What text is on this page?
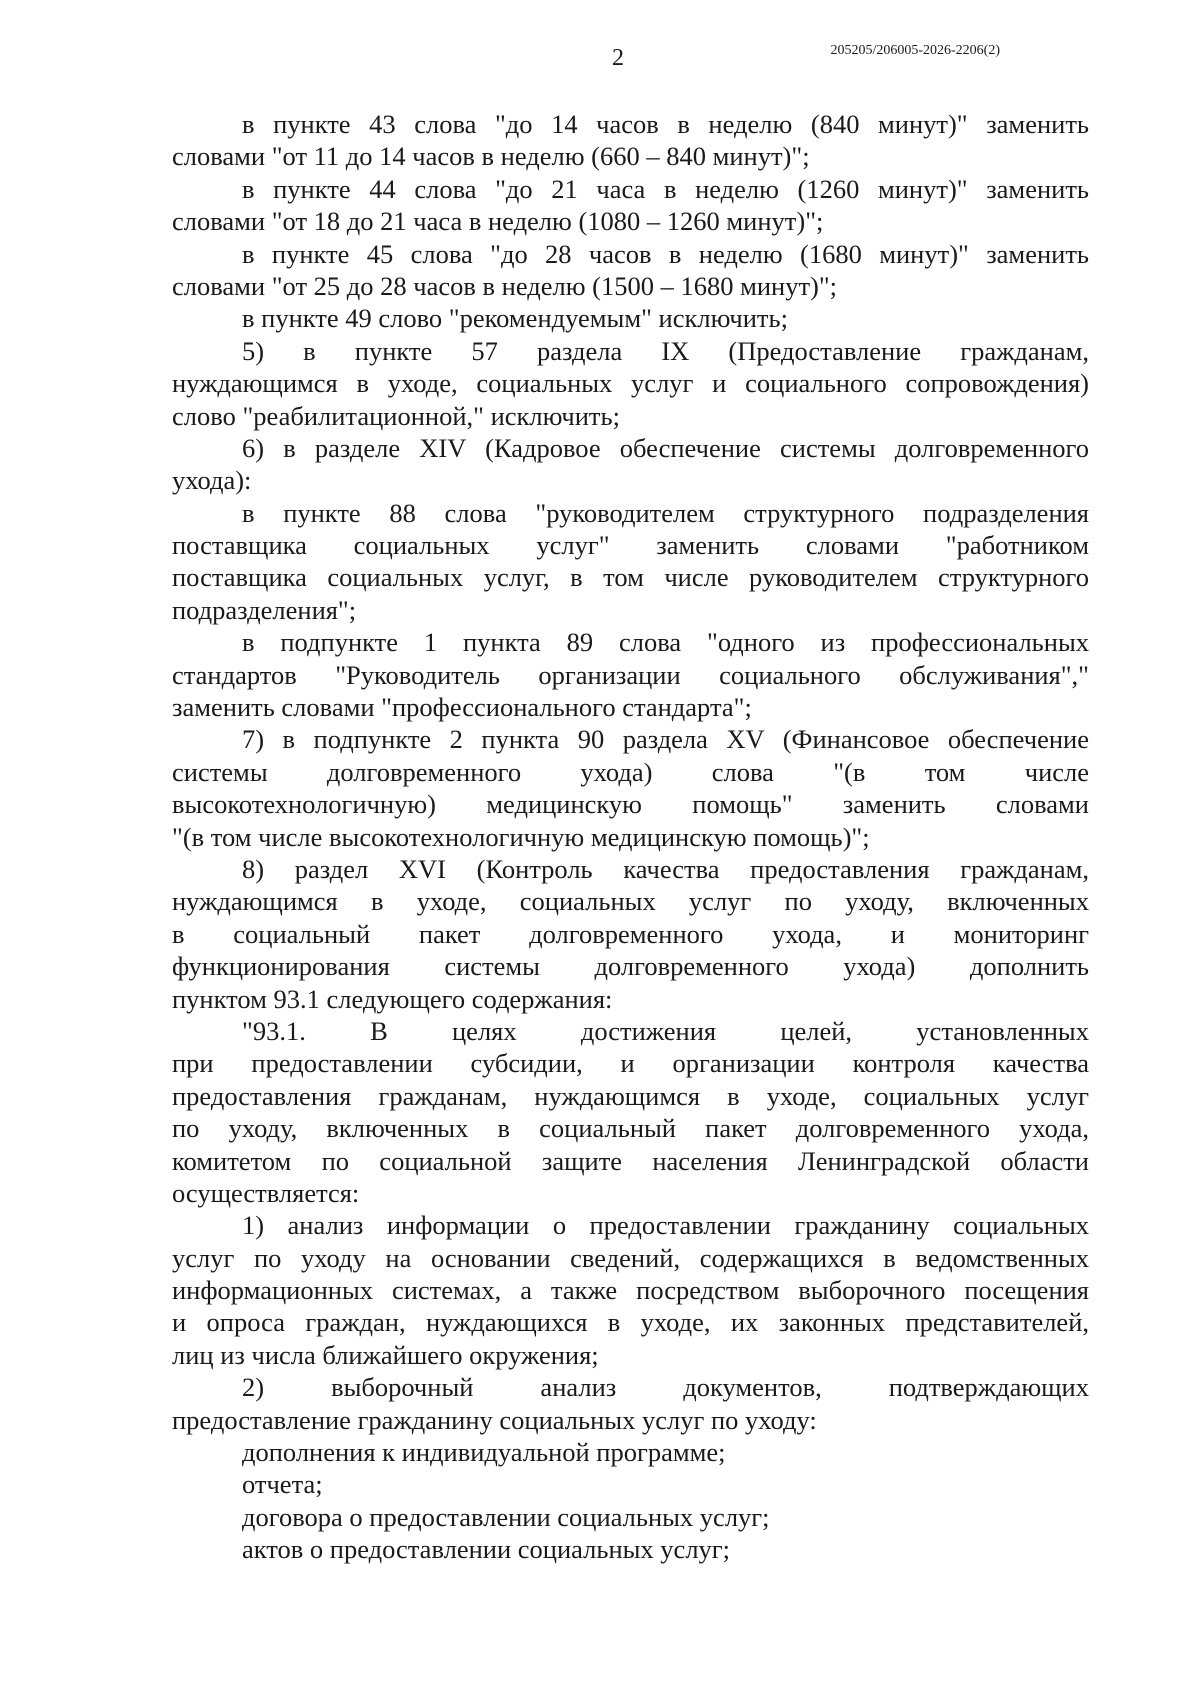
2	205205/206005-2026-2206(2)
в пункте 43 слова "до 14 часов в неделю (840 минут)" заменить
словами "от 11 до 14 часов в неделю (660 – 840 минут)";
в пункте 44 слова "до 21 часа в неделю (1260 минут)" заменить
словами "от 18 до 21 часа в неделю (1080 – 1260 минут)";
в пункте 45 слова "до 28 часов в неделю (1680 минут)" заменить
словами "от 25 до 28 часов в неделю (1500 – 1680 минут)";
в пункте 49 слово "рекомендуемым" исключить;
5) в пункте 57 раздела IX (Предоставление гражданам,
нуждающимся в уходе, социальных услуг и социального сопровождения)
слово "реабилитационной," исключить;
6) в разделе XIV (Кадровое обеспечение системы долговременного
ухода):
в пункте 88 слова "руководителем структурного подразделения
поставщика социальных услуг" заменить словами "работником
поставщика социальных услуг, в том числе руководителем структурного
подразделения";
в подпункте 1 пункта 89 слова "одного из профессиональных
стандартов "Руководитель организации социального обслуживания","
заменить словами "профессионального стандарта";
7) в подпункте 2 пункта 90 раздела XV (Финансовое обеспечение
системы долговременного ухода) слова "(в том числе
высокотехнологичную) медицинскую помощь" заменить словами
"(в том числе высокотехнологичную медицинскую помощь)";
8) раздел XVI (Контроль качества предоставления гражданам,
нуждающимся в уходе, социальных услуг по уходу, включенных
в социальный пакет долговременного ухода, и мониторинг
функционирования системы долговременного ухода) дополнить
пунктом 93.1 следующего содержания:
"93.1. В целях достижения целей, установленных
при предоставлении субсидии, и организации контроля качества
предоставления гражданам, нуждающимся в уходе, социальных услуг
по уходу, включенных в социальный пакет долговременного ухода,
комитетом по социальной защите населения Ленинградской области
осуществляется:
1) анализ информации о предоставлении гражданину социальных
услуг по уходу на основании сведений, содержащихся в ведомственных
информационных системах, а также посредством выборочного посещения
и опроса граждан, нуждающихся в уходе, их законных представителей,
лиц из числа ближайшего окружения;
2) выборочный анализ документов, подтверждающих
предоставление гражданину социальных услуг по уходу:
дополнения к индивидуальной программе;
отчета;
договора о предоставлении социальных услуг;
актов о предоставлении социальных услуг;
